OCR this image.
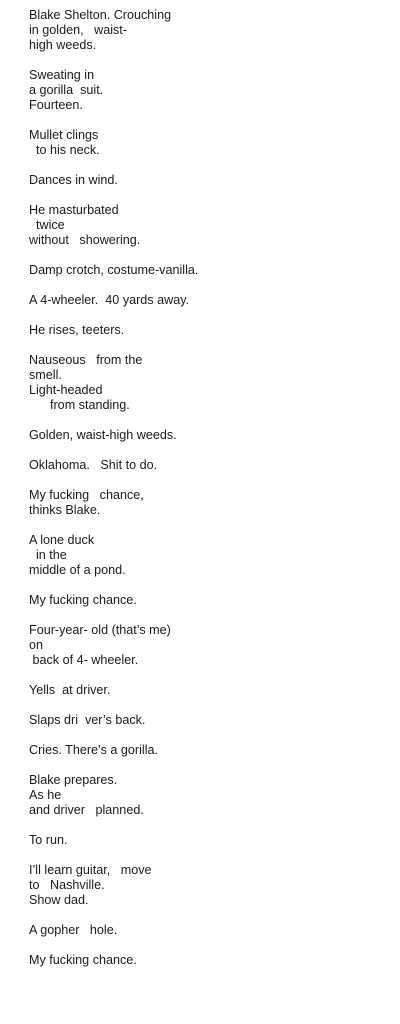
Blake Shelton. Crouching
in golden,   waist-
high weeds.
Sweating in
a gorilla  suit.
Fourteen.
Mullet clings
to his neck.
Dances in wind.
He masturbated
twice
without   showering.
Damp crotch, costume-vanilla.
A 4-wheeler.  40 yards away.
He rises, teeters.
Nauseous   from the
smell.
Light-headed
from standing.
Golden, waist-high weeds.
Oklahoma.   Shit to do.
My fucking   chance,
thinks Blake.
A lone duck
in the
middle of a pond.
My fucking chance.
Four-year- old (that’s me)
on
back of 4- wheeler.
Yells  at driver.
Slaps dri  ver’s back.
Cries. There’s a gorilla.
Blake prepares.
As he
and driver   planned.
To run.
I’ll learn guitar,   move
to   Nashville.
Show dad.
A gopher   hole.
My fucking chance.
